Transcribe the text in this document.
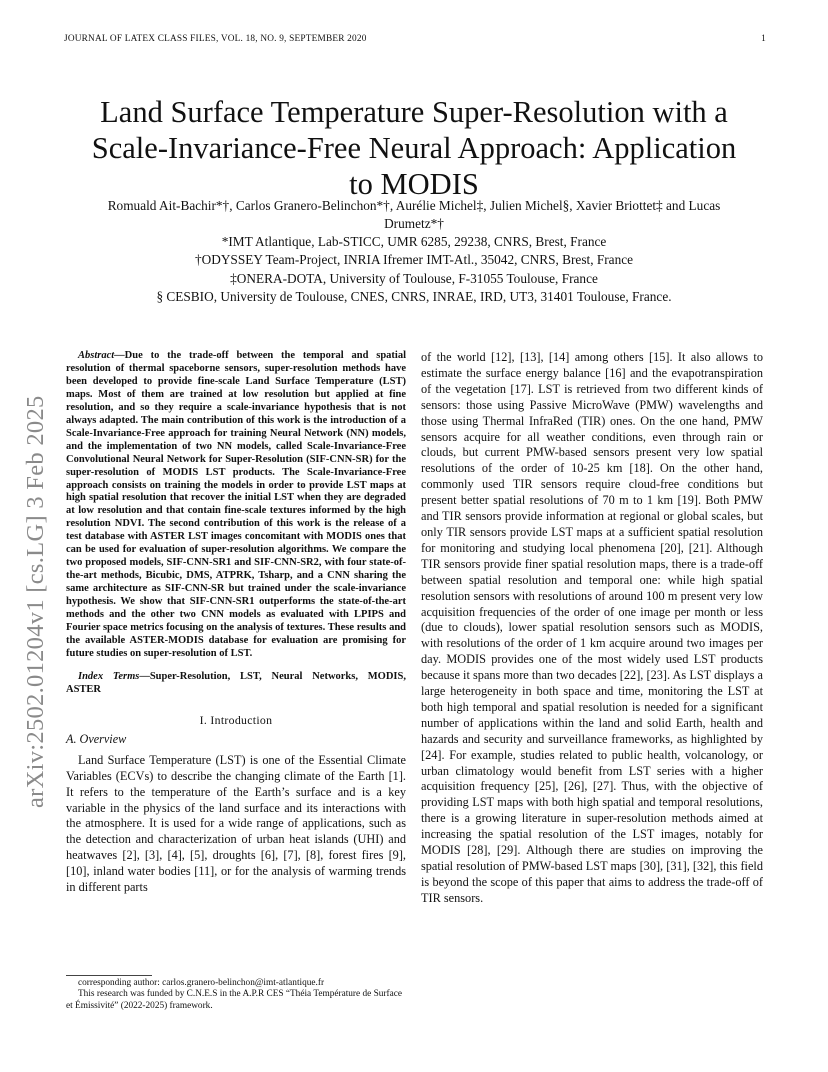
JOURNAL OF LATEX CLASS FILES, VOL. 18, NO. 9, SEPTEMBER 2020	1
arXiv:2502.01204v1 [cs.LG] 3 Feb 2025
Land Surface Temperature Super-Resolution with a
Scale-Invariance-Free Neural Approach: Application
to MODIS
Romuald Ait-Bachir*†, Carlos Granero-Belinchon*†, Aurélie Michel‡, Julien Michel§, Xavier Briottet‡ and Lucas
Drumetz*†
*IMT Atlantique, Lab-STICC, UMR 6285, 29238, CNRS, Brest, France
†ODYSSEY Team-Project, INRIA Ifremer IMT-Atl., 35042, CNRS, Brest, France
‡ONERA-DOTA, University of Toulouse, F-31055 Toulouse, France
§ CESBIO, University de Toulouse, CNES, CNRS, INRAE, IRD, UT3, 31401 Toulouse, France.

Abstract—Due to the trade-off between the temporal and spatial resolution of thermal spaceborne sensors, super-resolution methods have been developed to provide fine-scale Land Surface Temperature (LST) maps. Most of them are trained at low resolution but applied at fine resolution, and so they require a scale-invariance hypothesis that is not always adapted. The main contribution of this work is the introduction of a Scale-Invariance-Free approach for training Neural Network (NN) models, and the implementation of two NN models, called Scale-Invariance-Free Convolutional Neural Network for Super-Resolution (SIF-CNN-SR) for the super-resolution of MODIS LST products. The Scale-Invariance-Free approach consists on training the models in order to provide LST maps at high spatial resolution that recover the initial LST when they are degraded at low resolution and that contain fine-scale textures informed by the high resolution NDVI. The second contribution of this work is the release of a test database with ASTER LST images concomitant with MODIS ones that can be used for evaluation of super-resolution algorithms. We compare the two proposed models, SIF-CNN-SR1 and SIF-CNN-SR2, with four state-of-the-art methods, Bicubic, DMS, ATPRK, Tsharp, and a CNN sharing the same architecture as SIF-CNN-SR but trained under the scale-invariance hypothesis. We show that SIF-CNN-SR1 outperforms the state-of-the-art methods and the other two CNN models as evaluated with LPIPS and Fourier space metrics focusing on the analysis of textures. These results and the available ASTER-MODIS database for evaluation are promising for future studies on super-resolution of LST.

Index Terms—Super-Resolution, LST, Neural Networks, MODIS, ASTER

I. Introduction
A. Overview

Land Surface Temperature (LST) is one of the Essential Climate Variables (ECVs) to describe the changing climate of the Earth [1]. It refers to the temperature of the Earth’s surface and is a key variable in the physics of the land surface and its interactions with the atmosphere. It is used for a wide range of applications, such as the detection and characterization of urban heat islands (UHI) and heatwaves [2], [3], [4], [5], droughts [6], [7], [8], forest fires [9], [10], inland water bodies [11], or for the analysis of warming trends in different parts

of the world [12], [13], [14] among others [15]. It also allows to estimate the surface energy balance [16] and the evapotranspiration of the vegetation [17]. LST is retrieved from two different kinds of sensors: those using Passive MicroWave (PMW) wavelengths and those using Thermal InfraRed (TIR) ones. On the one hand, PMW sensors acquire for all weather conditions, even through rain or clouds, but current PMW-based sensors present very low spatial resolutions of the order of 10-25 km [18]. On the other hand, commonly used TIR sensors require cloud-free conditions but present better spatial resolutions of 70 m to 1 km [19]. Both PMW and TIR sensors provide information at regional or global scales, but only TIR sensors provide LST maps at a sufficient spatial resolution for monitoring and studying local phenomena [20], [21]. Although TIR sensors provide finer spatial resolution maps, there is a trade-off between spatial resolution and temporal one: while high spatial resolution sensors with resolutions of around 100 m present very low acquisition frequencies of the order of one image per month or less (due to clouds), lower spatial resolution sensors such as MODIS, with resolutions of the order of 1 km acquire around two images per day. MODIS provides one of the most widely used LST products because it spans more than two decades [22], [23]. As LST displays a large heterogeneity in both space and time, monitoring the LST at both high temporal and spatial resolution is needed for a significant number of applications within the land and solid Earth, health and hazards and security and surveillance frameworks, as highlighted by [24]. For example, studies related to public health, volcanology, or urban climatology would benefit from LST series with a higher acquisition frequency [25], [26], [27]. Thus, with the objective of providing LST maps with both high spatial and temporal resolutions, there is a growing literature in super-resolution methods aimed at increasing the spatial resolution of the LST images, notably for MODIS [28], [29]. Although there are studies on improving the spatial resolution of PMW-based LST maps [30], [31], [32], this field is beyond the scope of this paper that aims to address the trade-off of TIR sensors.

corresponding author: carlos.granero-belinchon@imt-atlantique.fr
This research was funded by C.N.E.S in the A.P.R CES “Théia Température de Surface et Émissivité” (2022-2025) framework.
